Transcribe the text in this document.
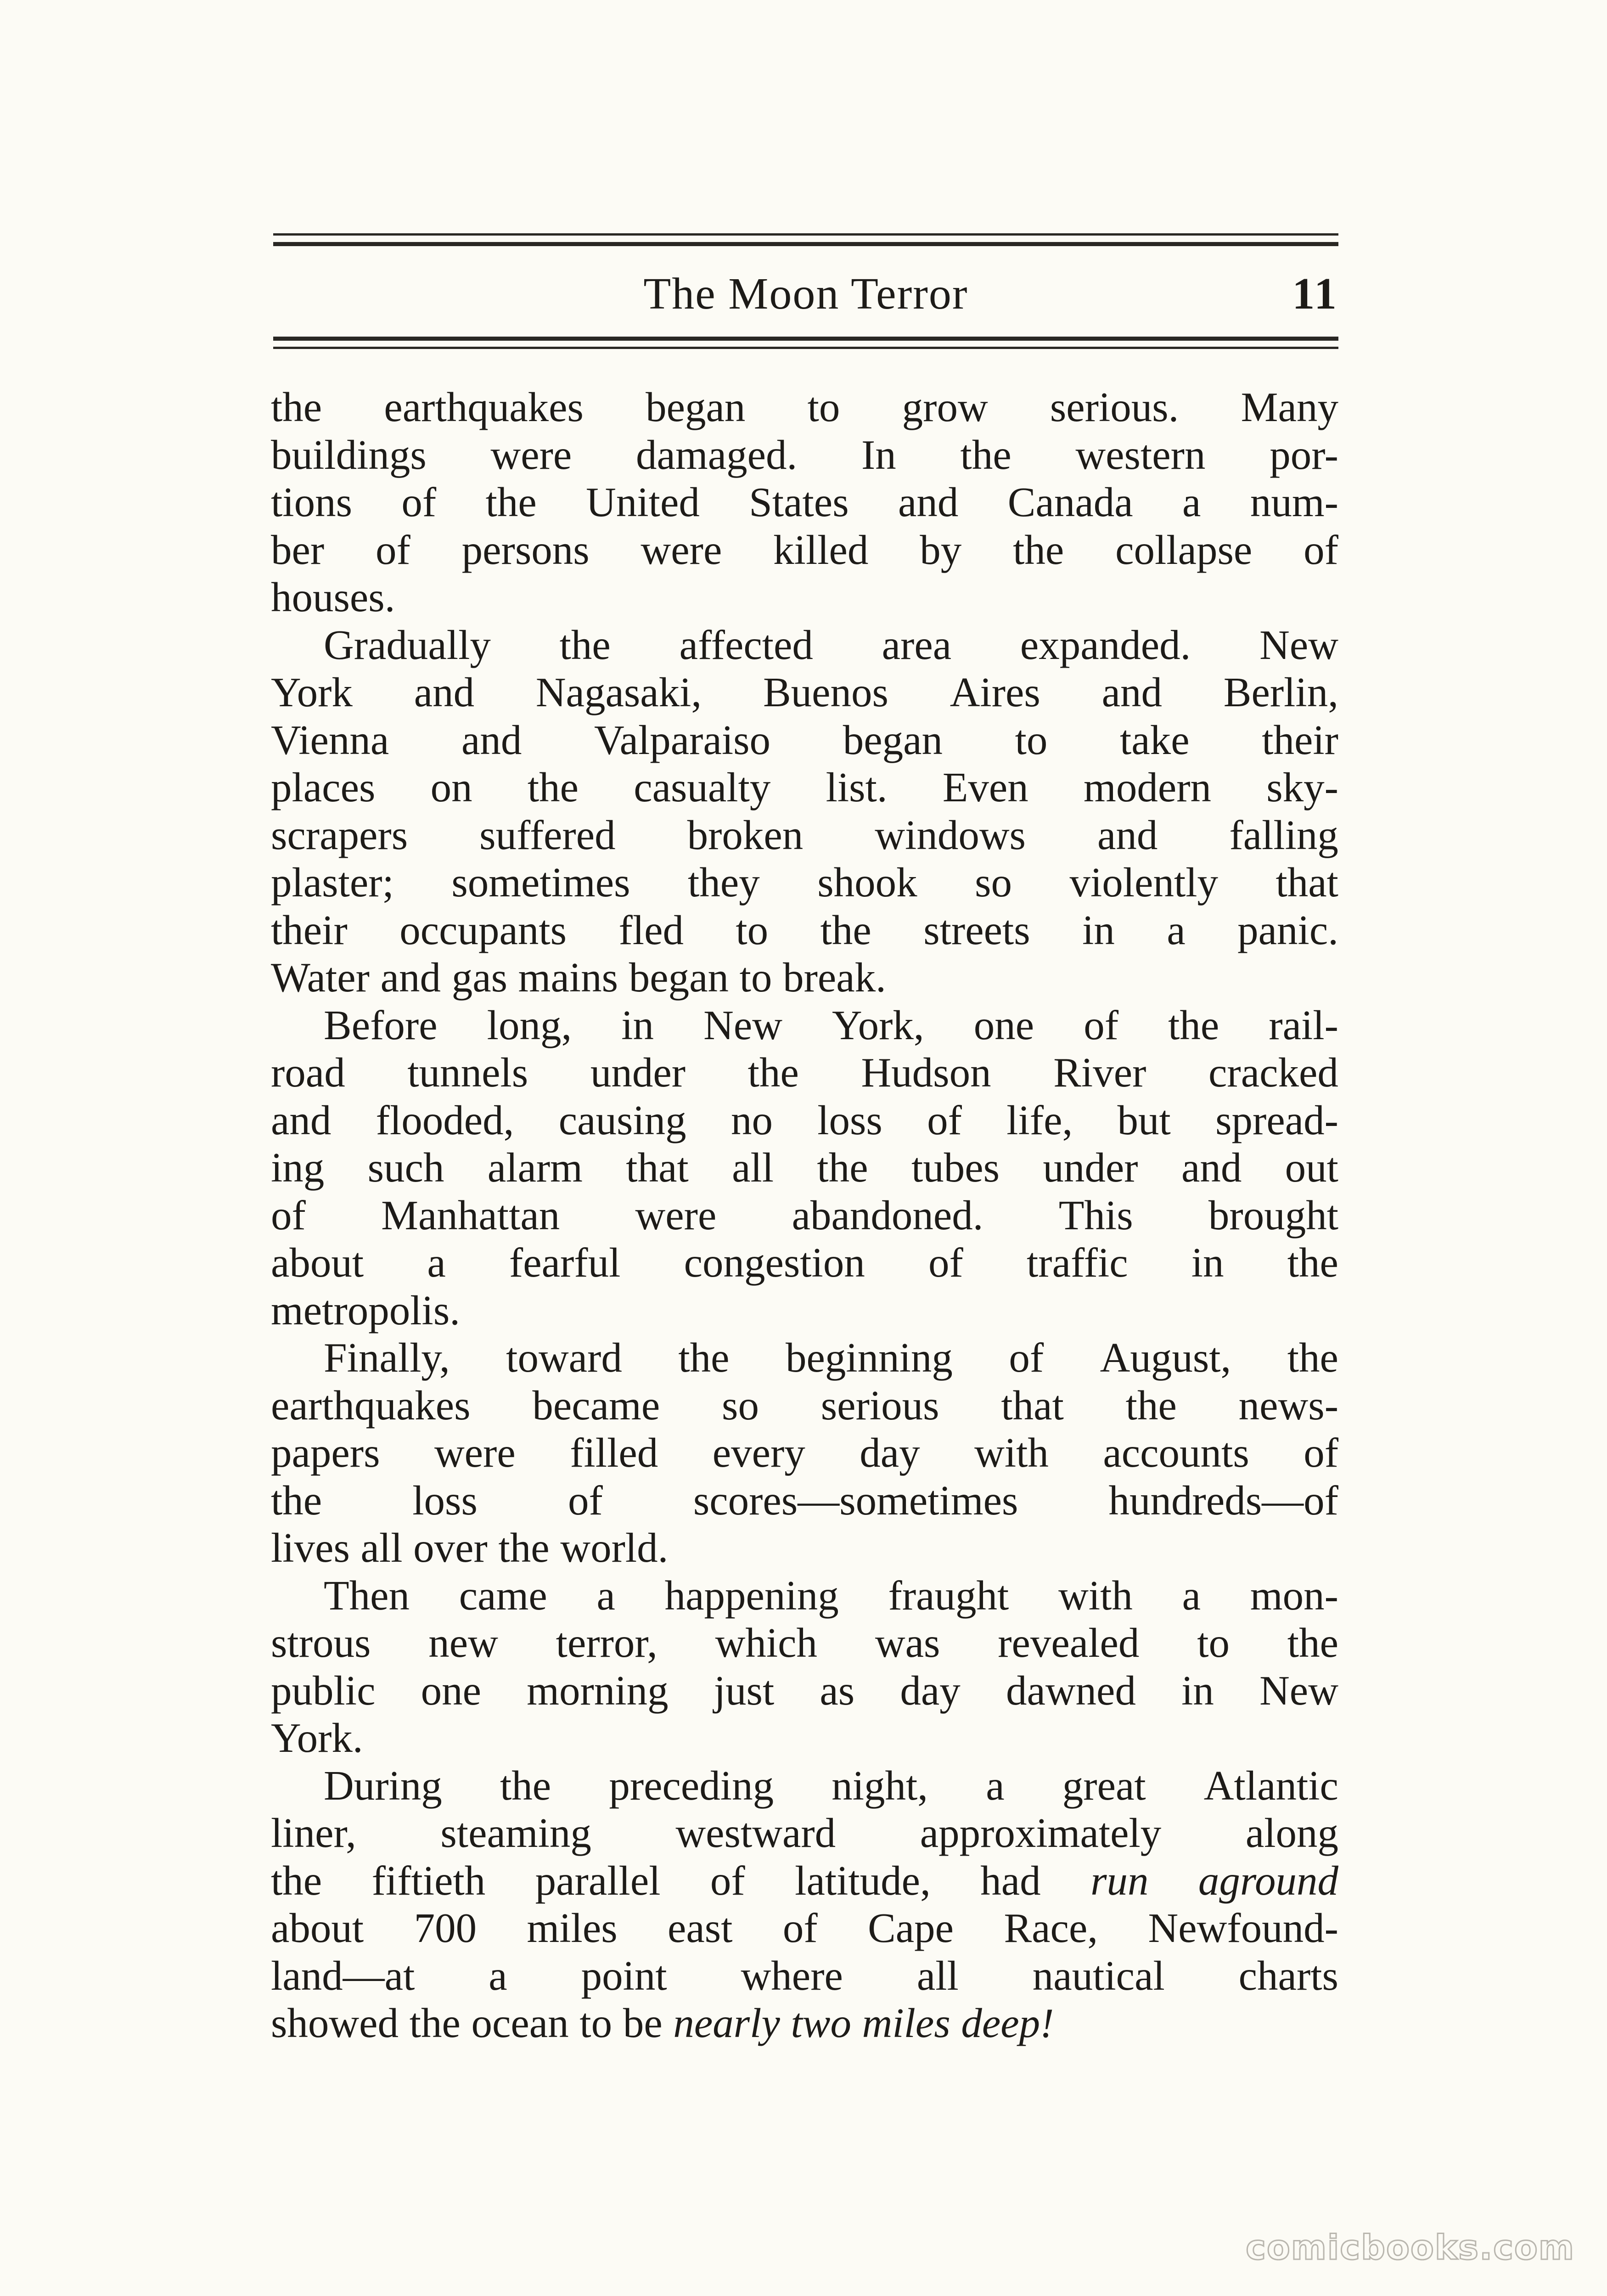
The Moon Terror	11
the earthquakes began to grow serious. Many
buildings were damaged. In the western por-
tions of the United States and Canada a num-
ber of persons were killed by the collapse of
houses.
Gradually the affected area expanded. New
York and Nagasaki, Buenos Aires and Berlin,
Vienna and Valparaiso began to take their
places on the casualty list. Even modern sky-
scrapers suffered broken windows and falling
plaster; sometimes they shook so violently that
their occupants fled to the streets in a panic.
Water and gas mains began to break.
Before long, in New York, one of the rail-
road tunnels under the Hudson River cracked
and flooded, causing no loss of life, but spread-
ing such alarm that all the tubes under and out
of Manhattan were abandoned. This brought
about a fearful congestion of traffic in the
metropolis.
Finally, toward the beginning of August, the
earthquakes became so serious that the news-
papers were filled every day with accounts of
the loss of scores—sometimes hundreds—of
lives all over the world.
Then came a happening fraught with a mon-
strous new terror, which was revealed to the
public one morning just as day dawned in New
York.
During the preceding night, a great Atlantic
liner, steaming westward approximately along
the fiftieth parallel of latitude, had run aground
about 700 miles east of Cape Race, Newfound-
land—at a point where all nautical charts
showed the ocean to be nearly two miles deep!
comicbooks.com
